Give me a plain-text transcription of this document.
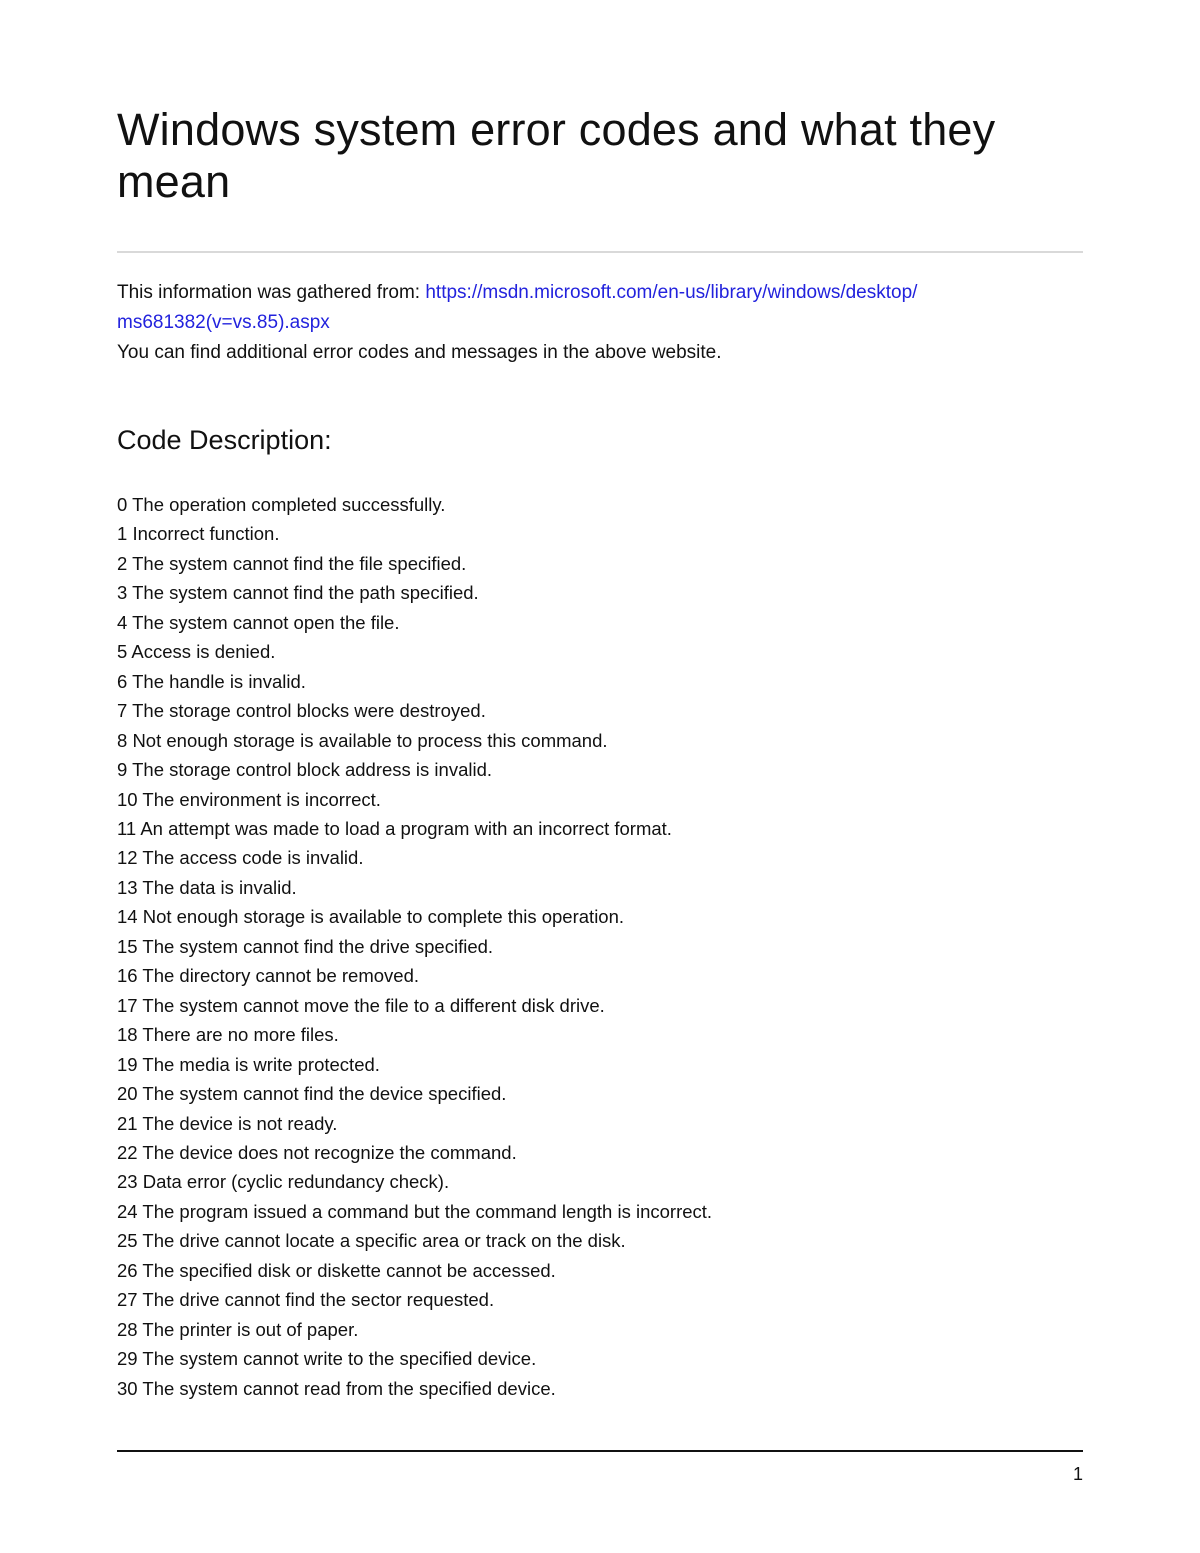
Windows system error codes and what they mean

This information was gathered from: https://msdn.microsoft.com/en-us/library/windows/desktop/
ms681382(v=vs.85).aspx

You can find additional error codes and messages in the above website.

Code Description:
0 The operation completed successfully.
1 Incorrect function.
2 The system cannot find the file specified.
3 The system cannot find the path specified.
4 The system cannot open the file.
5 Access is denied.
6 The handle is invalid.
7 The storage control blocks were destroyed.
8 Not enough storage is available to process this command.
9 The storage control block address is invalid.
10 The environment is incorrect.
11 An attempt was made to load a program with an incorrect format.
12 The access code is invalid.
13 The data is invalid.
14 Not enough storage is available to complete this operation.
15 The system cannot find the drive specified.
16 The directory cannot be removed.
17 The system cannot move the file to a different disk drive.
18 There are no more files.
19 The media is write protected.
20 The system cannot find the device specified.
21 The device is not ready.
22 The device does not recognize the command.
23 Data error (cyclic redundancy check).
24 The program issued a command but the command length is incorrect.
25 The drive cannot locate a specific area or track on the disk.
26 The specified disk or diskette cannot be accessed.
27 The drive cannot find the sector requested.
28 The printer is out of paper.
29 The system cannot write to the specified device.
30 The system cannot read from the specified device.
1
